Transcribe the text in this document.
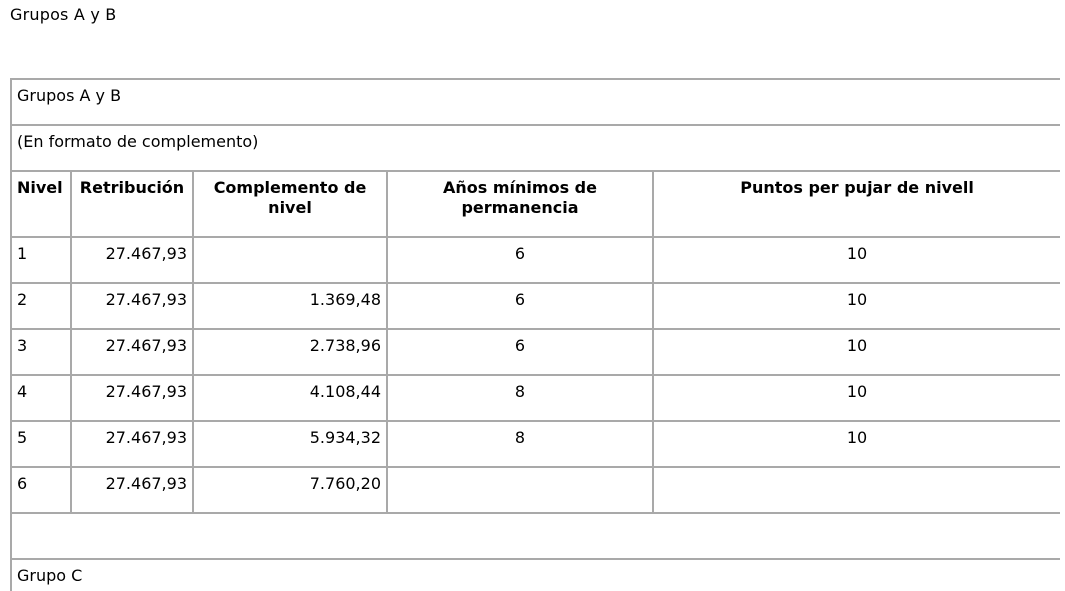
Grupos A y B
Grupos A y B				
(En formato de complemento)				
Nivel	Retribución	Complemento de nivel	Años mínimos de permanencia	Puntos per pujar de nivell
1	27.467,93		6	10
2	27.467,93	1.369,48	6	10
3	27.467,93	2.738,96	6	10
4	27.467,93	4.108,44	8	10
5	27.467,93	5.934,32	8	10
6	27.467,93	7.760,20		

Grupo C				
